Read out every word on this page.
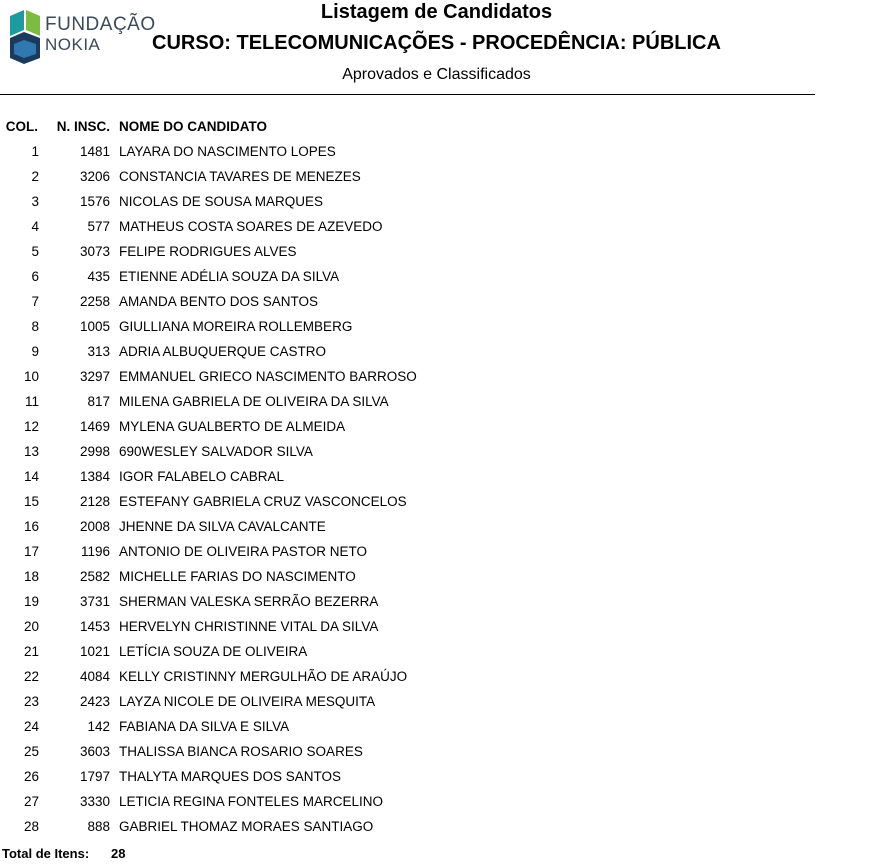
FUNDAÇÃO
NOKIA
Listagem de Candidatos
CURSO: TELECOMUNICAÇÕES - PROCEDÊNCIA: PÚBLICA
Aprovados e Classificados
COL. N. INSC. NOME DO CANDIDATO
1	1481 LAYARA DO NASCIMENTO LOPES
2	3206 CONSTANCIA TAVARES DE MENEZES
3	1576 NICOLAS DE SOUSA MARQUES
4	577 MATHEUS COSTA SOARES DE AZEVEDO
5	3073 FELIPE RODRIGUES ALVES
6	435 ETIENNE ADÉLIA SOUZA DA SILVA
7	2258 AMANDA BENTO DOS SANTOS
8	1005 GIULLIANA MOREIRA ROLLEMBERG
9	313 ADRIA ALBUQUERQUE CASTRO
10	3297 EMMANUEL GRIECO NASCIMENTO BARROSO
11	817 MILENA GABRIELA DE OLIVEIRA DA SILVA
12	1469 MYLENA GUALBERTO DE ALMEIDA
13	2998 690WESLEY SALVADOR SILVA
14	1384 IGOR FALABELO CABRAL
15	2128 ESTEFANY GABRIELA CRUZ VASCONCELOS
16	2008 JHENNE DA SILVA CAVALCANTE
17	1196 ANTONIO DE OLIVEIRA PASTOR NETO
18	2582 MICHELLE FARIAS DO NASCIMENTO
19	3731 SHERMAN VALESKA SERRÃO BEZERRA
20	1453 HERVELYN CHRISTINNE VITAL DA SILVA
21	1021 LETÍCIA SOUZA DE OLIVEIRA
22	4084 KELLY CRISTINNY MERGULHÃO DE ARAÚJO
23	2423 LAYZA NICOLE DE OLIVEIRA MESQUITA
24	142 FABIANA DA SILVA E SILVA
25	3603 THALISSA BIANCA ROSARIO SOARES
26	1797 THALYTA MARQUES DOS SANTOS
27	3330 LETICIA REGINA FONTELES MARCELINO
28	888 GABRIEL THOMAZ MORAES SANTIAGO
Total de Itens: 28
